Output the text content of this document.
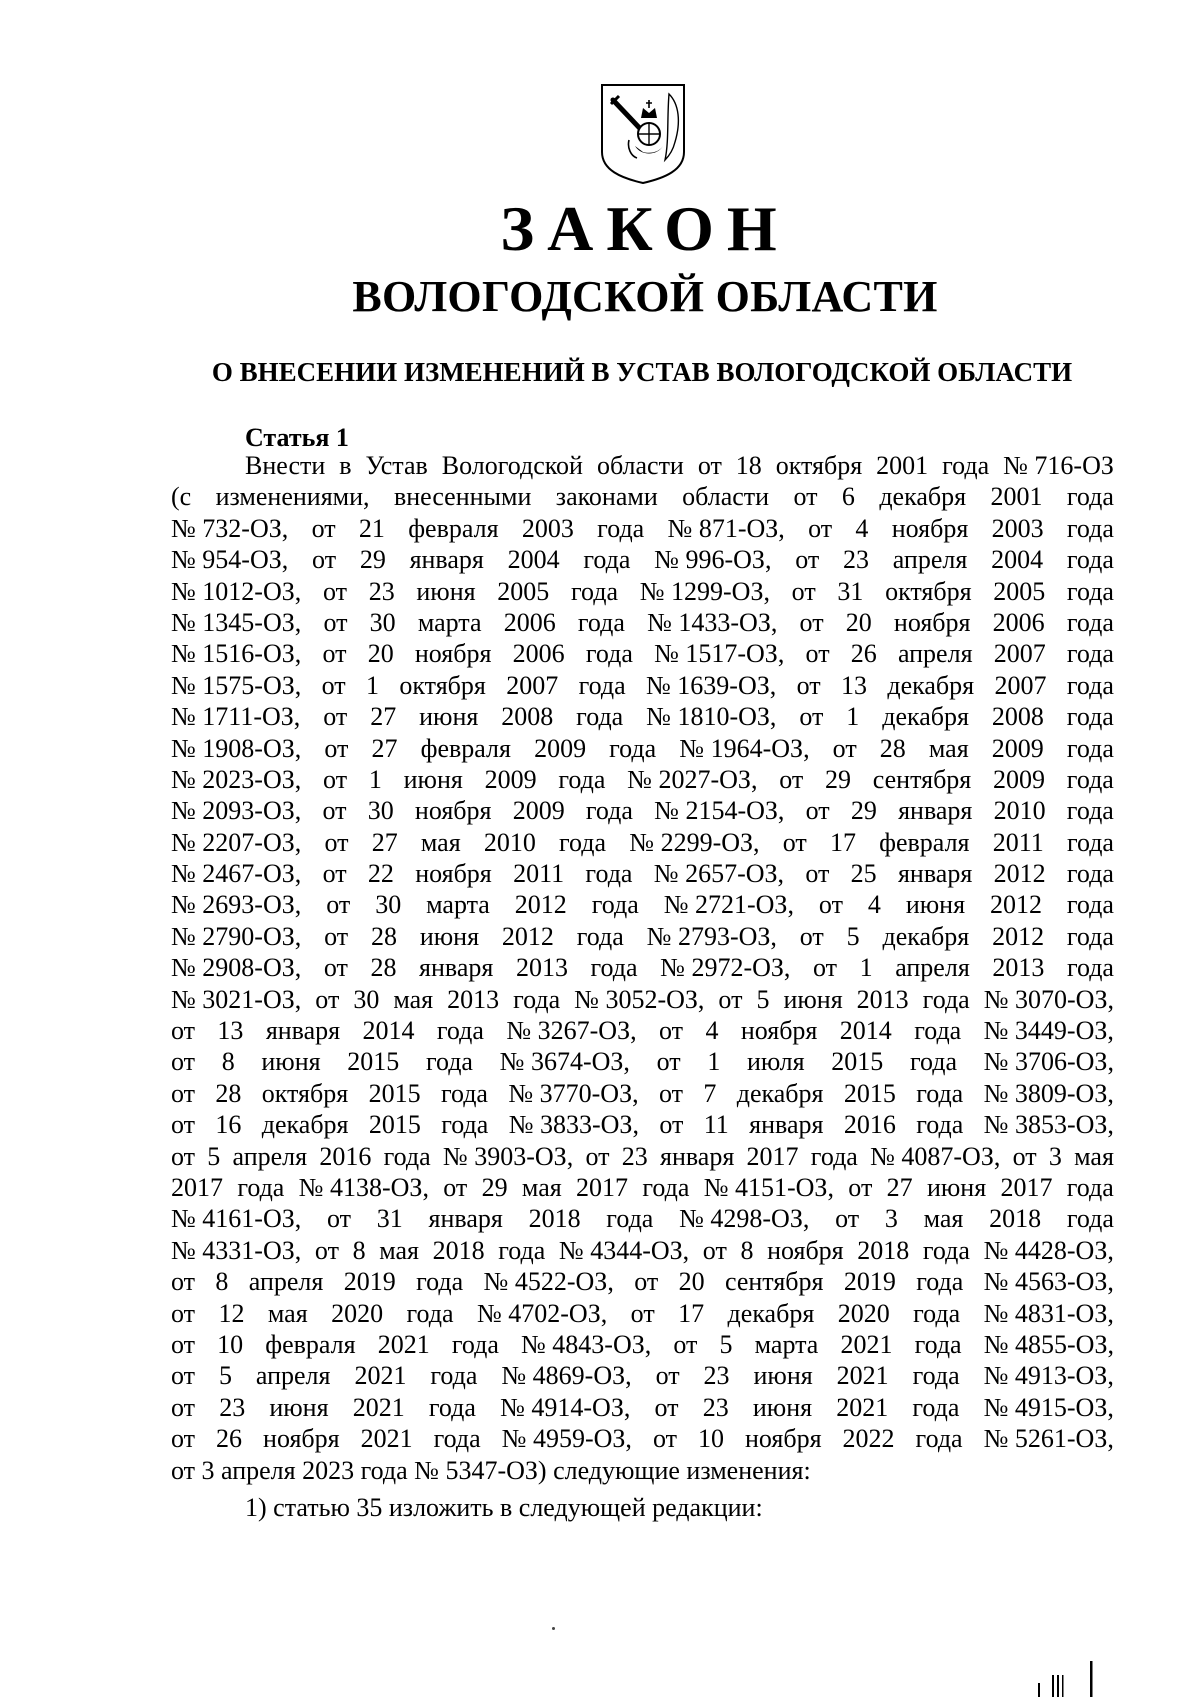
ЗАКОН
ВОЛОГОДСКОЙ ОБЛАСТИ
О ВНЕСЕНИИ ИЗМЕНЕНИЙ В УСТАВ ВОЛОГОДСКОЙ ОБЛАСТИ
Статья 1
Внести в Устав Вологодской области от 18 октября 2001 года № 716-ОЗ
(с изменениями, внесенными законами области от 6 декабря 2001 года
№ 732-ОЗ, от 21 февраля 2003 года № 871-ОЗ, от 4 ноября 2003 года
№ 954-ОЗ, от 29 января 2004 года № 996-ОЗ, от 23 апреля 2004 года
№ 1012-ОЗ, от 23 июня 2005 года № 1299-ОЗ, от 31 октября 2005 года
№ 1345-ОЗ, от 30 марта 2006 года № 1433-ОЗ, от 20 ноября 2006 года
№ 1516-ОЗ, от 20 ноября 2006 года № 1517-ОЗ, от 26 апреля 2007 года
№ 1575-ОЗ, от 1 октября 2007 года № 1639-ОЗ, от 13 декабря 2007 года
№ 1711-ОЗ, от 27 июня 2008 года № 1810-ОЗ, от 1 декабря 2008 года
№ 1908-ОЗ, от 27 февраля 2009 года № 1964-ОЗ, от 28 мая 2009 года
№ 2023-ОЗ, от 1 июня 2009 года № 2027-ОЗ, от 29 сентября 2009 года
№ 2093-ОЗ, от 30 ноября 2009 года № 2154-ОЗ, от 29 января 2010 года
№ 2207-ОЗ, от 27 мая 2010 года № 2299-ОЗ, от 17 февраля 2011 года
№ 2467-ОЗ, от 22 ноября 2011 года № 2657-ОЗ, от 25 января 2012 года
№ 2693-ОЗ, от 30 марта 2012 года № 2721-ОЗ, от 4 июня 2012 года
№ 2790-ОЗ, от 28 июня 2012 года № 2793-ОЗ, от 5 декабря 2012 года
№ 2908-ОЗ, от 28 января 2013 года № 2972-ОЗ, от 1 апреля 2013 года
№ 3021-ОЗ, от 30 мая 2013 года № 3052-ОЗ, от 5 июня 2013 года № 3070-ОЗ,
от 13 января 2014 года № 3267-ОЗ, от 4 ноября 2014 года № 3449-ОЗ,
от 8 июня 2015 года № 3674-ОЗ, от 1 июля 2015 года № 3706-ОЗ,
от 28 октября 2015 года № 3770-ОЗ, от 7 декабря 2015 года № 3809-ОЗ,
от 16 декабря 2015 года № 3833-ОЗ, от 11 января 2016 года № 3853-ОЗ,
от 5 апреля 2016 года № 3903-ОЗ, от 23 января 2017 года № 4087-ОЗ, от 3 мая
2017 года № 4138-ОЗ, от 29 мая 2017 года № 4151-ОЗ, от 27 июня 2017 года
№ 4161-ОЗ, от 31 января 2018 года № 4298-ОЗ, от 3 мая 2018 года
№ 4331-ОЗ, от 8 мая 2018 года № 4344-ОЗ, от 8 ноября 2018 года № 4428-ОЗ,
от 8 апреля 2019 года № 4522-ОЗ, от 20 сентября 2019 года № 4563-ОЗ,
от 12 мая 2020 года № 4702-ОЗ, от 17 декабря 2020 года № 4831-ОЗ,
от 10 февраля 2021 года № 4843-ОЗ, от 5 марта 2021 года № 4855-ОЗ,
от 5 апреля 2021 года № 4869-ОЗ, от 23 июня 2021 года № 4913-ОЗ,
от 23 июня 2021 года № 4914-ОЗ, от 23 июня 2021 года № 4915-ОЗ,
от 26 ноября 2021 года № 4959-ОЗ, от 10 ноября 2022 года № 5261-ОЗ,
от 3 апреля 2023 года № 5347-ОЗ) следующие изменения:
1) статью 35 изложить в следующей редакции:
